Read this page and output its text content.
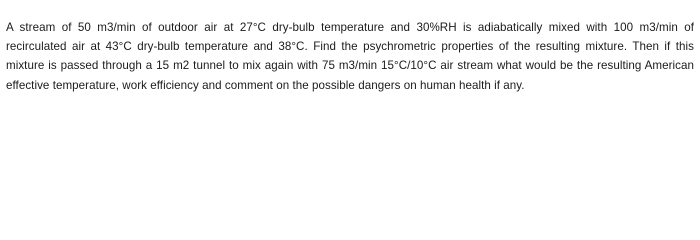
A stream of 50 m3/min of outdoor air at 27°C dry-bulb temperature and 30%RH is adiabatically mixed with 100 m3/min of recirculated air at 43°C dry-bulb temperature and 38°C. Find the psychrometric properties of the resulting mixture. Then if this mixture is passed through a 15 m2 tunnel to mix again with 75 m3/min 15°C/10°C air stream what would be the resulting American effective temperature, work efficiency and comment on the possible dangers on human health if any.
